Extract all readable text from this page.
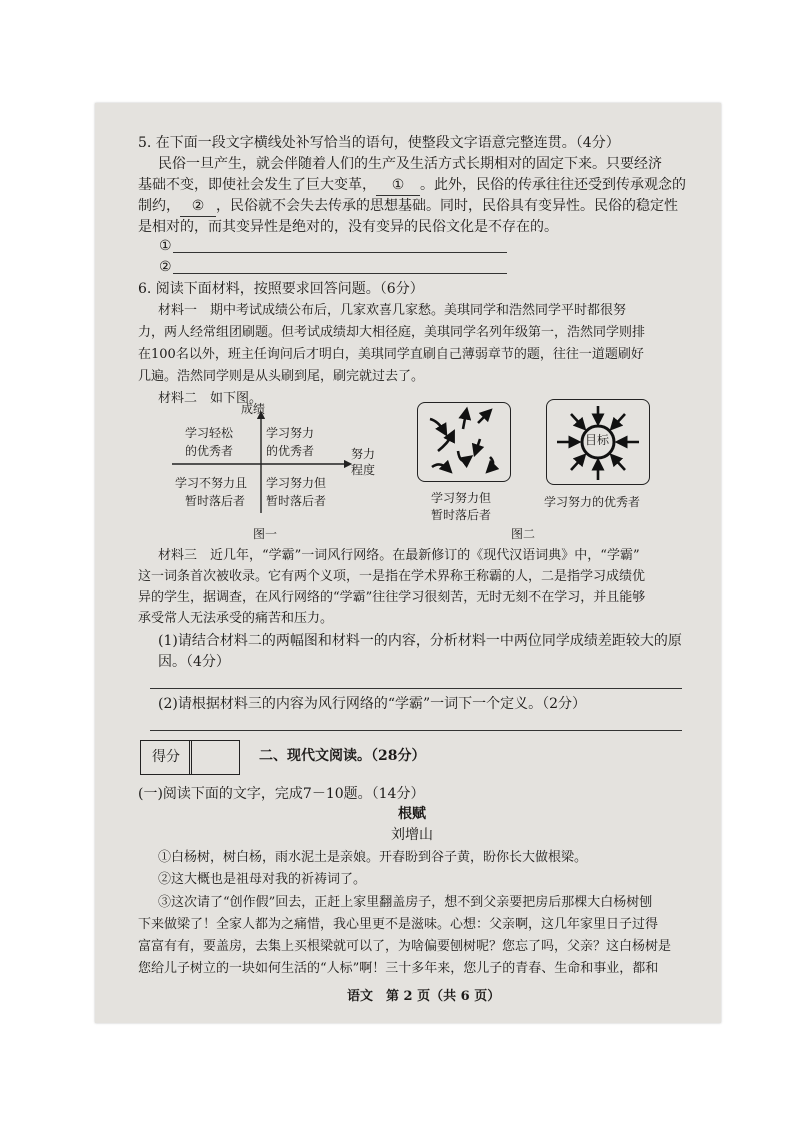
5. 在下面一段文字横线处补写恰当的语句，使整段文字语意完整连贯。（4分）
民俗一旦产生，就会伴随着人们的生产及生活方式长期相对的固定下来。只要经济
基础不变，即使社会发生了巨大变革， ① 。此外，民俗的传承往往还受到传承观念的
制约， ② ，民俗就不会失去传承的思想基础。同时，民俗具有变异性。民俗的稳定性
是相对的，而其变异性是绝对的，没有变异的民俗文化是不存在的。
①
②
6. 阅读下面材料，按照要求回答问题。（6分）
材料一　期中考试成绩公布后，几家欢喜几家愁。美琪同学和浩然同学平时都很努
力，两人经常组团刷题。但考试成绩却大相径庭，美琪同学名列年级第一，浩然同学则排
在100名以外，班主任询问后才明白，美琪同学直刷自己薄弱章节的题，往往一道题刷好
几遍。浩然同学则是从头刷到尾，刷完就过去了。
材料二　如下图。
成绩
努力
程度
学习轻松
的优秀者
学习努力
的优秀者
学习不努力且
暂时落后者
学习努力但
暂时落后者
图一
学习努力但
暂时落后者
目标
学习努力的优秀者
图二
材料三　近几年，“学霸”一词风行网络。在最新修订的《现代汉语词典》中，“学霸”
这一词条首次被收录。它有两个义项，一是指在学术界称王称霸的人，二是指学习成绩优
异的学生，据调查，在风行网络的“学霸”往往学习很刻苦，无时无刻不在学习，并且能够
承受常人无法承受的痛苦和压力。
(1)请结合材料二的两幅图和材料一的内容，分析材料一中两位同学成绩差距较大的原
因。（4分）
(2)请根据材料三的内容为风行网络的“学霸”一词下一个定义。（2分）
得分	二、现代文阅读。（28分）
(一)阅读下面的文字，完成7－10题。（14分）
根赋
刘增山
①白杨树，树白杨，雨水泥土是亲娘。开春盼到谷子黄，盼你长大做根梁。
②这大概也是祖母对我的祈祷词了。
③这次请了“创作假”回去，正赶上家里翻盖房子，想不到父亲要把房后那棵大白杨树刨
下来做梁了！全家人都为之痛惜，我心里更不是滋味。心想：父亲啊，这几年家里日子过得
富富有有，要盖房，去集上买根梁就可以了，为啥偏要刨树呢？您忘了吗，父亲？这白杨树是
您给儿子树立的一块如何生活的“人标”啊！三十多年来，您儿子的青春、生命和事业，都和
语文　第 2 页（共 6 页）
